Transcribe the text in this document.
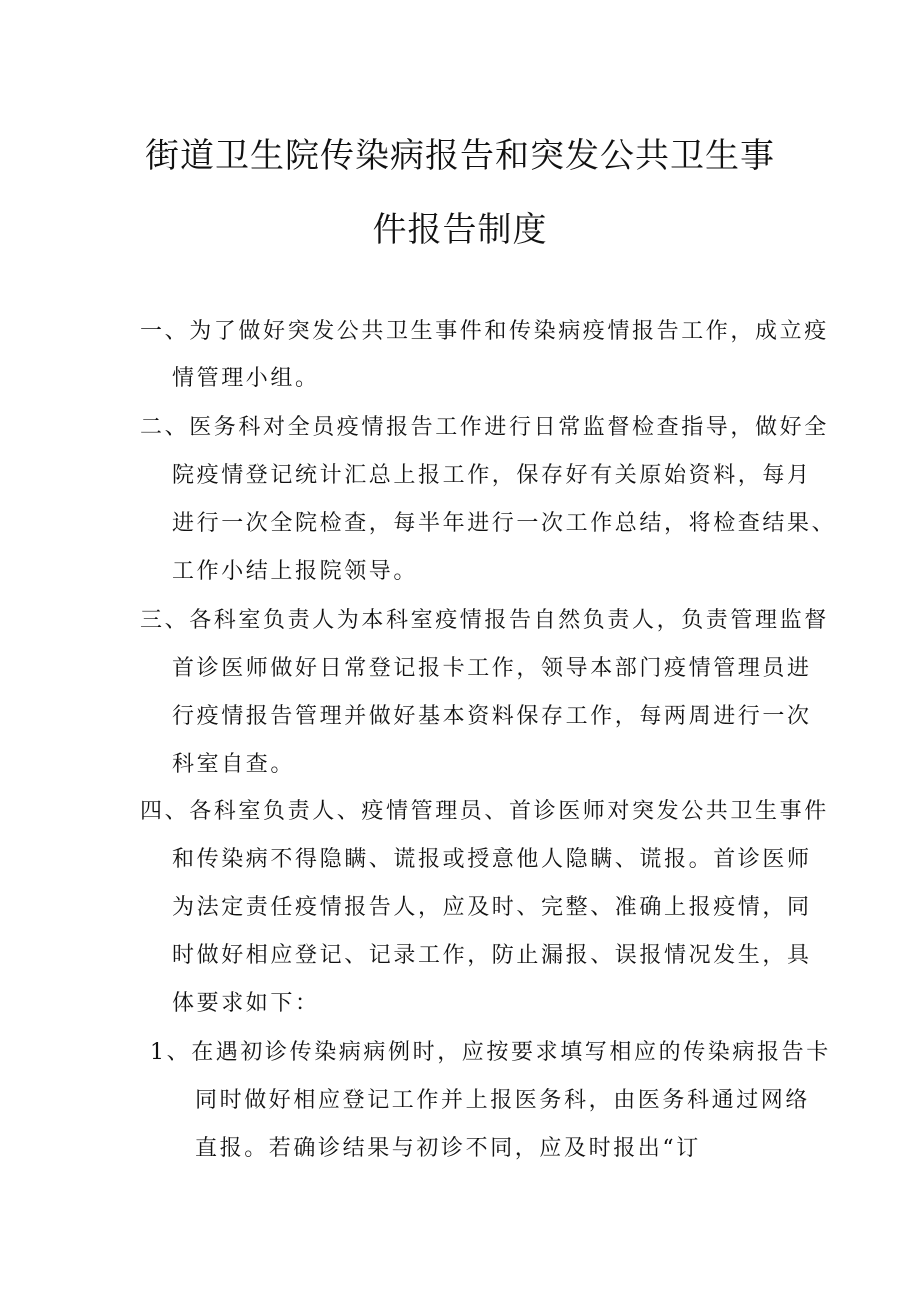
街道卫生院传染病报告和突发公共卫生事
件报告制度
一、为了做好突发公共卫生事件和传染病疫情报告工作，成立疫
情管理小组。
二、医务科对全员疫情报告工作进行日常监督检查指导，做好全
院疫情登记统计汇总上报工作，保存好有关原始资料，每月
进行一次全院检查，每半年进行一次工作总结，将检查结果、
工作小结上报院领导。
三、各科室负责人为本科室疫情报告自然负责人，负责管理监督
首诊医师做好日常登记报卡工作，领导本部门疫情管理员进
行疫情报告管理并做好基本资料保存工作，每两周进行一次
科室自查。
四、各科室负责人、疫情管理员、首诊医师对突发公共卫生事件
和传染病不得隐瞒、谎报或授意他人隐瞒、谎报。首诊医师
为法定责任疫情报告人，应及时、完整、准确上报疫情，同
时做好相应登记、记录工作，防止漏报、误报情况发生，具
体要求如下：
1、在遇初诊传染病病例时，应按要求填写相应的传染病报告卡
同时做好相应登记工作并上报医务科，由医务科通过网络
直报。若确诊结果与初诊不同，应及时报出“订
